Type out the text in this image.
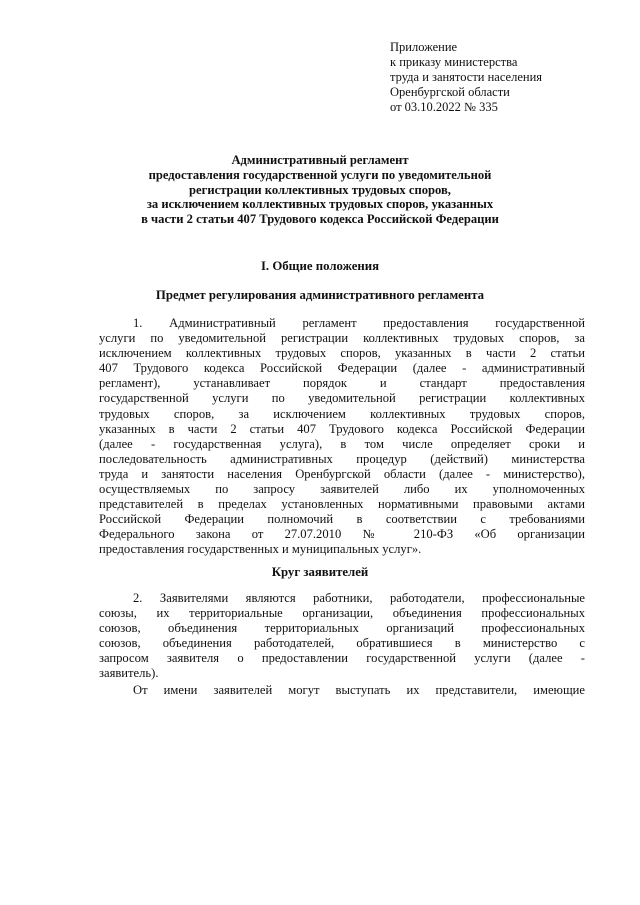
Приложение
к приказу министерства
труда и занятости населения
Оренбургской области
от 03.10.2022 № 335
Административный регламент
предоставления государственной услуги по уведомительной
регистрации коллективных трудовых споров,
за исключением коллективных трудовых споров, указанных
в части 2 статьи 407 Трудового кодекса Российской Федерации
I. Общие положения
Предмет регулирования административного регламента
1. Административный регламент предоставления государственной
услуги по уведомительной регистрации коллективных трудовых споров, за
исключением коллективных трудовых споров, указанных в части 2 статьи
407 Трудового кодекса Российской Федерации (далее - административный
регламент), устанавливает порядок и стандарт предоставления
государственной услуги по уведомительной регистрации коллективных
трудовых споров, за исключением коллективных трудовых споров,
указанных в части 2 статьи 407 Трудового кодекса Российской Федерации
(далее - государственная услуга), в том числе определяет сроки и
последовательность административных процедур (действий) министерства
труда и занятости населения Оренбургской области (далее - министерство),
осуществляемых по запросу заявителей либо их уполномоченных
представителей в пределах установленных нормативными правовыми актами
Российской Федерации полномочий в соответствии с требованиями
Федерального закона от 27.07.2010 № 210-ФЗ «Об организации
предоставления государственных и муниципальных услуг».
Круг заявителей
2. Заявителями являются работники, работодатели, профессиональные
союзы, их территориальные организации, объединения профессиональных
союзов, объединения территориальных организаций профессиональных
союзов, объединения работодателей, обратившиеся в министерство с
запросом заявителя о предоставлении государственной услуги (далее -
заявитель).
От имени заявителей могут выступать их представители, имеющие
